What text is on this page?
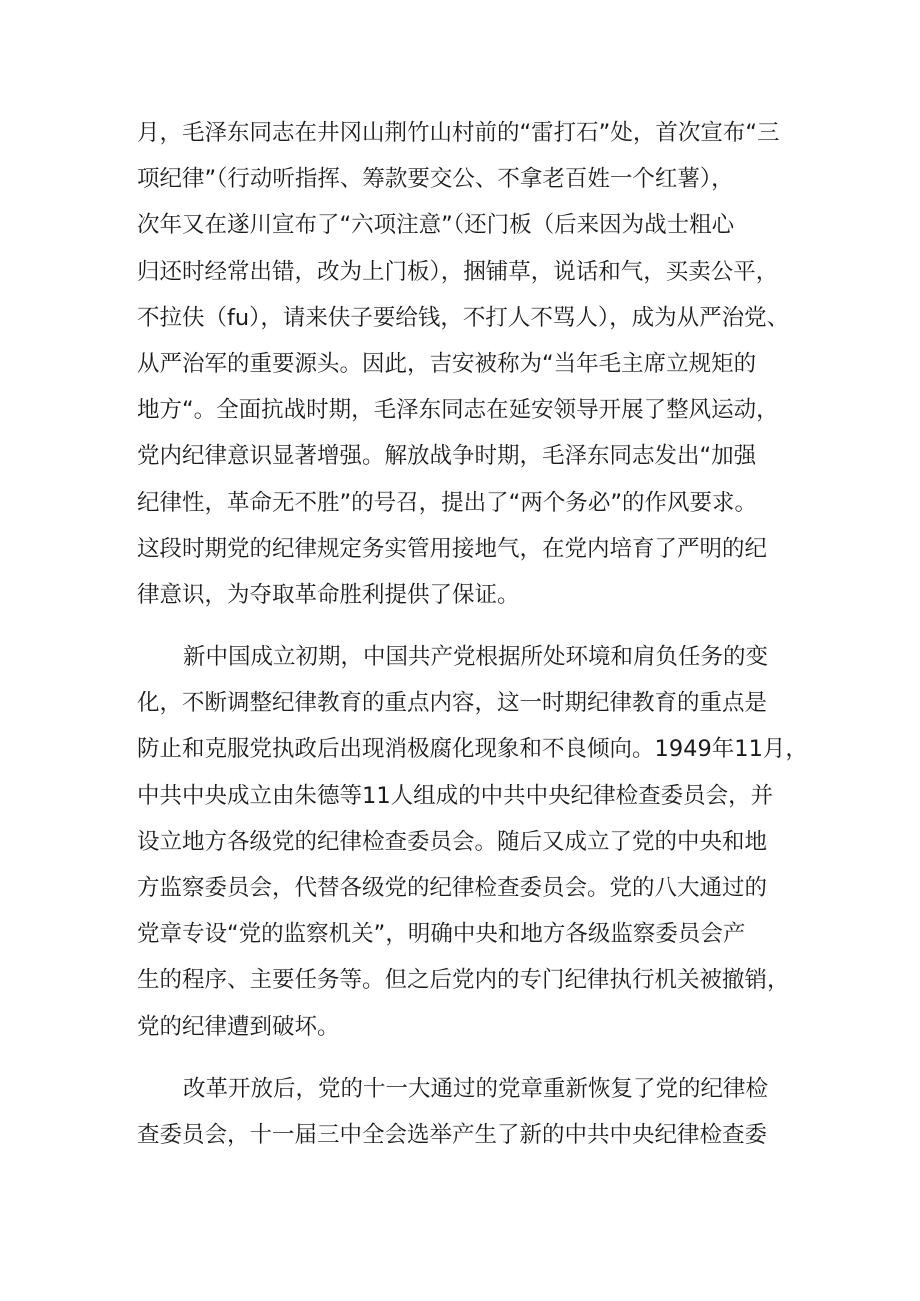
月，毛泽东同志在井冈山荆竹山村前的“雷打石”处，首次宣布“三
项纪律”（行动听指挥、筹款要交公、不拿老百姓一个红薯），
次年又在遂川宣布了“六项注意”（还门板（后来因为战士粗心
归还时经常出错，改为上门板），捆铺草，说话和气，买卖公平，
不拉伕（fu），请来伕子要给钱，不打人不骂人），成为从严治党、
从严治军的重要源头。因此，吉安被称为“当年毛主席立规矩的
地方“。全面抗战时期，毛泽东同志在延安领导开展了整风运动，
党内纪律意识显著增强。解放战争时期，毛泽东同志发出“加强
纪律性，革命无不胜”的号召，提出了“两个务必”的作风要求。
这段时期党的纪律规定务实管用接地气，在党内培育了严明的纪
律意识，为夺取革命胜利提供了保证。
新中国成立初期，中国共产党根据所处环境和肩负任务的变
化，不断调整纪律教育的重点内容，这一时期纪律教育的重点是
防止和克服党执政后出现消极腐化现象和不良倾向。1949年11月，
中共中央成立由朱德等11人组成的中共中央纪律检查委员会，并
设立地方各级党的纪律检查委员会。随后又成立了党的中央和地
方监察委员会，代替各级党的纪律检查委员会。党的八大通过的
党章专设“党的监察机关”，明确中央和地方各级监察委员会产
生的程序、主要任务等。但之后党内的专门纪律执行机关被撤销，
党的纪律遭到破坏。
改革开放后，党的十一大通过的党章重新恢复了党的纪律检
查委员会，十一届三中全会选举产生了新的中共中央纪律检查委
